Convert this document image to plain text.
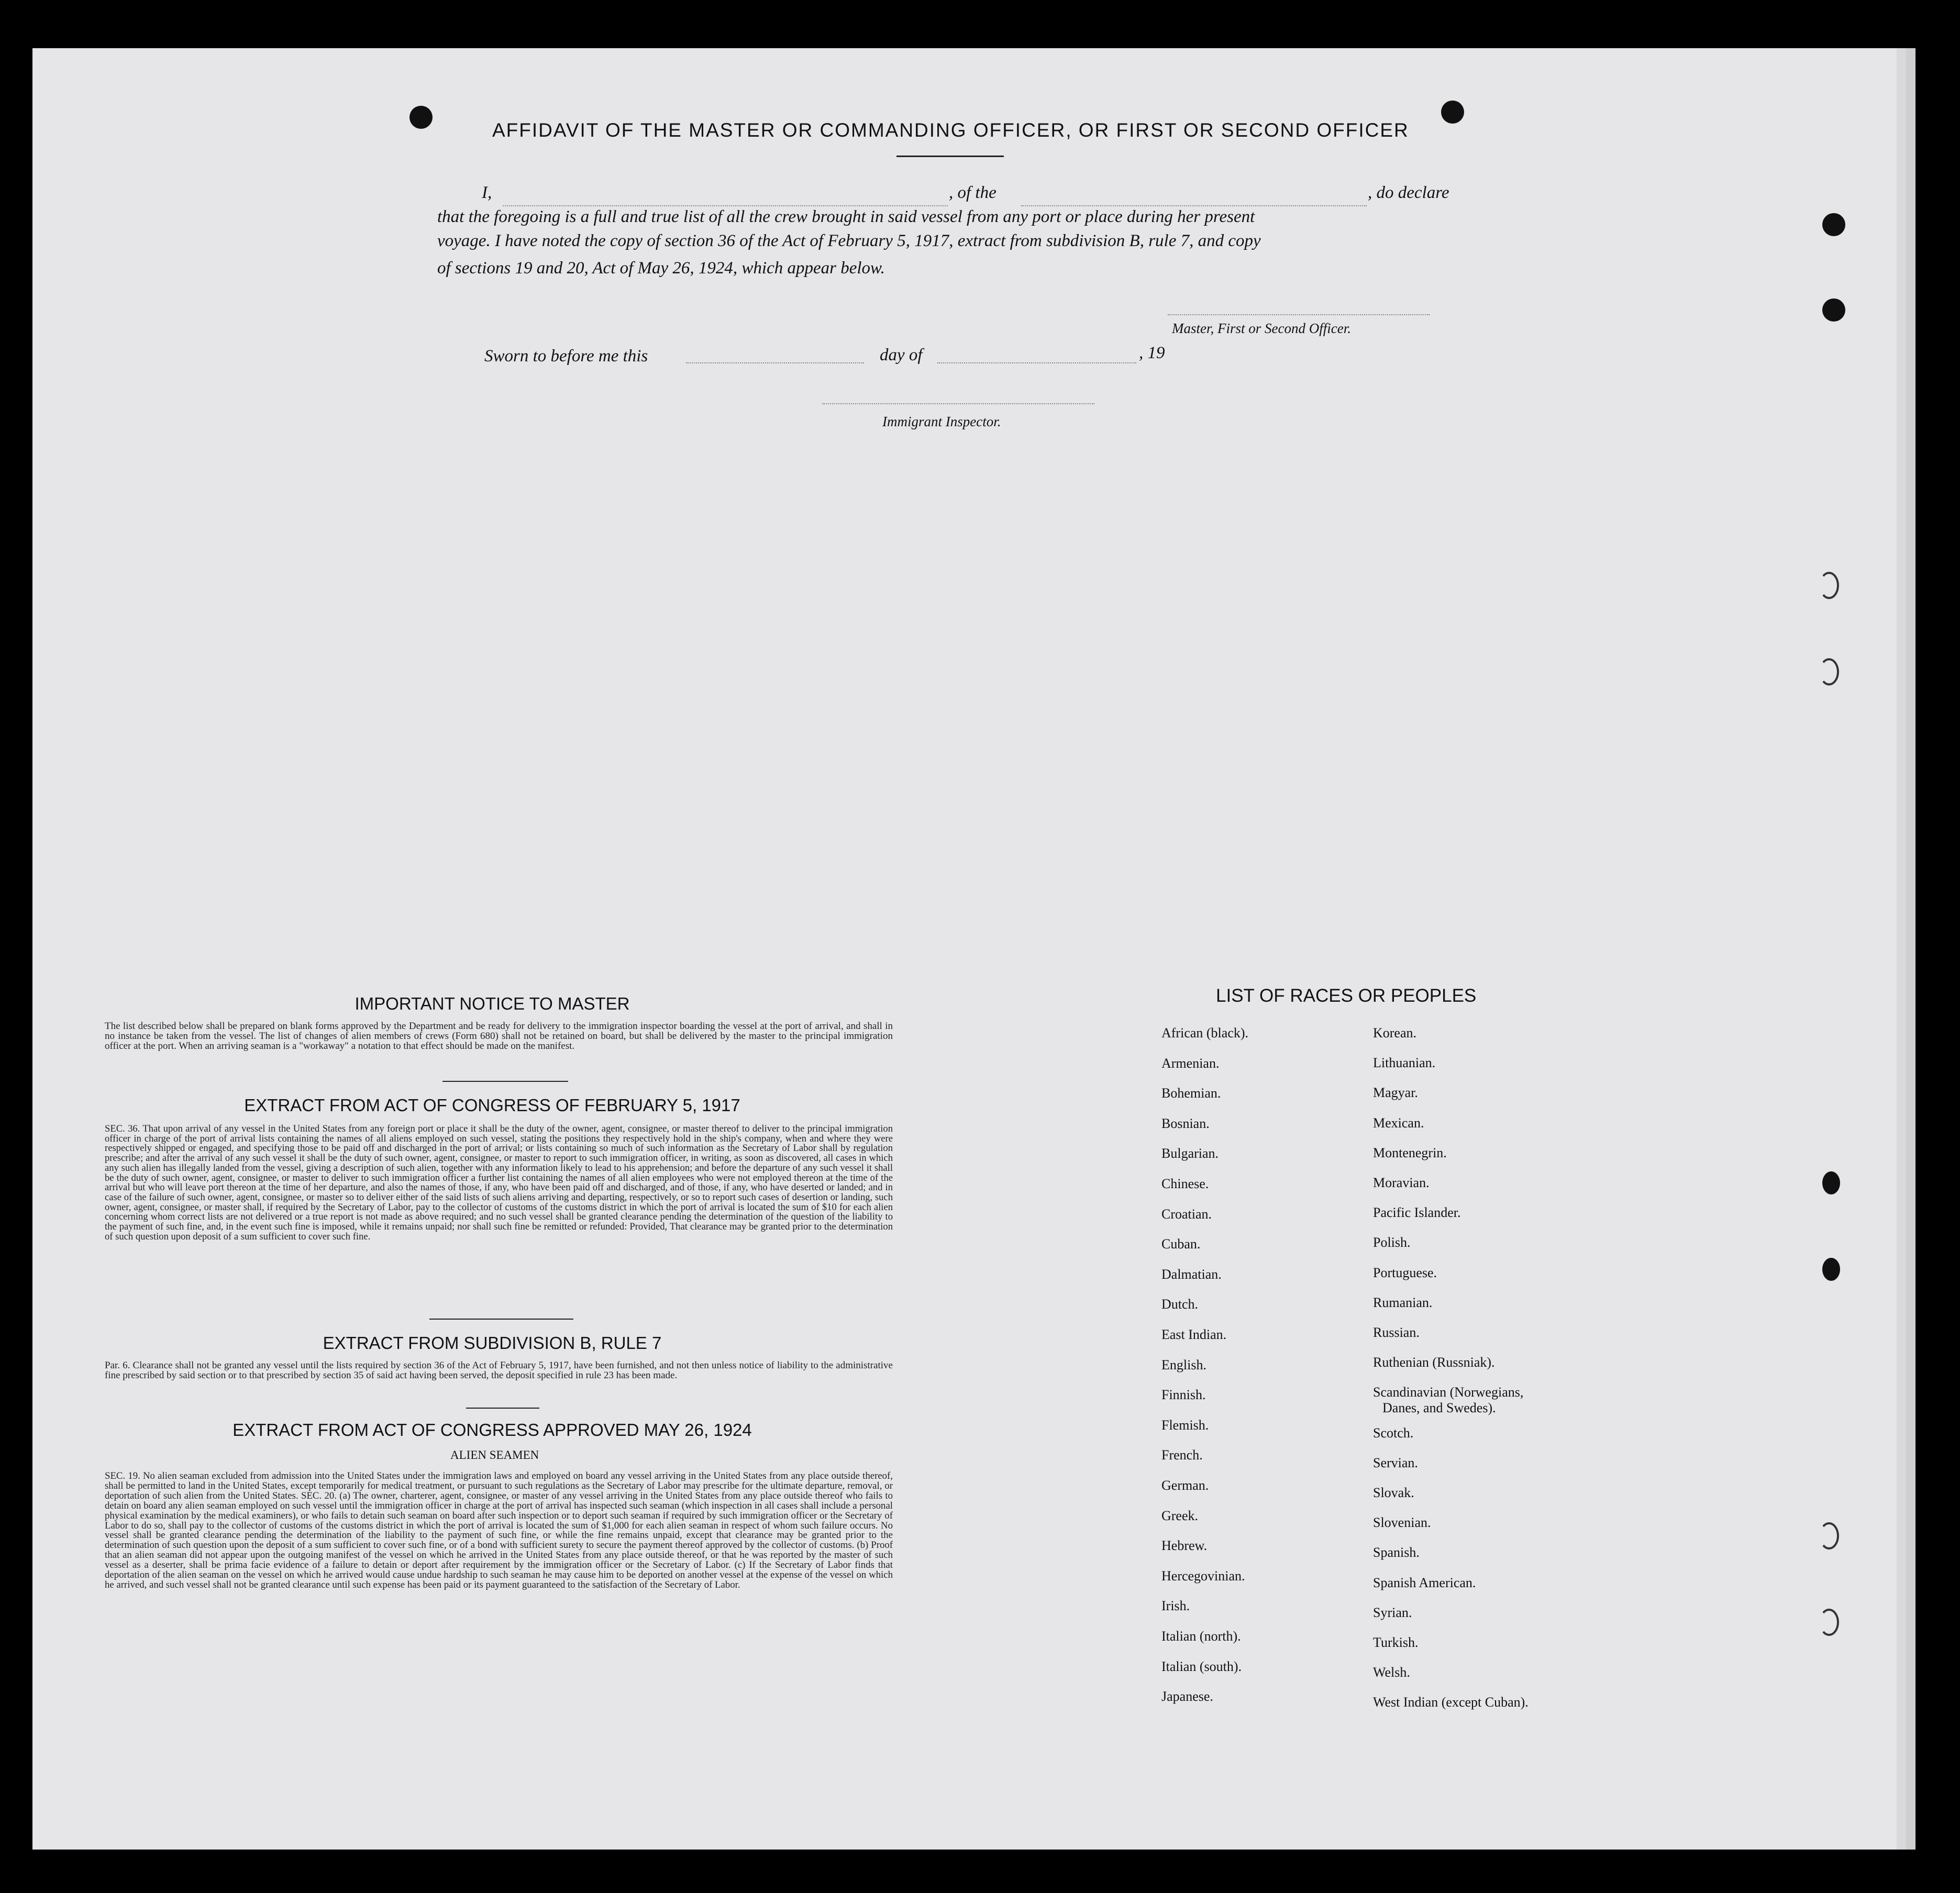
AFFIDAVIT OF THE MASTER OR COMMANDING OFFICER, OR FIRST OR SECOND OFFICER
I,	, of the	, do declare
that the foregoing is a full and true list of all the crew brought in said vessel from any port or place during her present
voyage. I have noted the copy of section 36 of the Act of February 5, 1917, extract from subdivision B, rule 7, and copy
of sections 19 and 20, Act of May 26, 1924, which appear below.
Master, First or Second Officer.
Sworn to before me this	day of	, 19
Immigrant Inspector.
IMPORTANT NOTICE TO MASTER
The list described below shall be prepared on blank forms approved by the Department and be ready for delivery to the immigration inspector boarding the vessel at the port of arrival, and shall in no instance be taken from the vessel. The list of changes of alien members of crews (Form 680) shall not be retained on board, but shall be delivered by the master to the principal immigration officer at the port. When an arriving seaman is a "workaway" a notation to that effect should be made on the manifest.
EXTRACT FROM ACT OF CONGRESS OF FEBRUARY 5, 1917
SEC. 36. That upon arrival of any vessel in the United States from any foreign port or place it shall be the duty of the owner, agent, consignee, or master thereof to deliver to the principal immigration officer in charge of the port of arrival lists containing the names of all aliens employed on such vessel, stating the positions they respectively hold in the ship's company, when and where they were respectively shipped or engaged, and specifying those to be paid off and discharged in the port of arrival; or lists containing so much of such information as the Secretary of Labor shall by regulation prescribe; and after the arrival of any such vessel it shall be the duty of such owner, agent, consignee, or master to report to such immigration officer, in writing, as soon as discovered, all cases in which any such alien has illegally landed from the vessel, giving a description of such alien, together with any information likely to lead to his apprehension; and before the departure of any such vessel it shall be the duty of such owner, agent, consignee, or master to deliver to such immigration officer a further list containing the names of all alien employees who were not employed thereon at the time of the arrival but who will leave port thereon at the time of her departure, and also the names of those, if any, who have been paid off and discharged, and of those, if any, who have deserted or landed; and in case of the failure of such owner, agent, consignee, or master so to deliver either of the said lists of such aliens arriving and departing, respectively, or so to report such cases of desertion or landing, such owner, agent, consignee, or master shall, if required by the Secretary of Labor, pay to the collector of customs of the customs district in which the port of arrival is located the sum of $10 for each alien concerning whom correct lists are not delivered or a true report is not made as above required; and no such vessel shall be granted clearance pending the determination of the question of the liability to the payment of such fine, and, in the event such fine is imposed, while it remains unpaid; nor shall such fine be remitted or refunded: Provided, That clearance may be granted prior to the determination of such question upon deposit of a sum sufficient to cover such fine.
EXTRACT FROM SUBDIVISION B, RULE 7
Par. 6. Clearance shall not be granted any vessel until the lists required by section 36 of the Act of February 5, 1917, have been furnished, and not then unless notice of liability to the administrative fine prescribed by said section or to that prescribed by section 35 of said act having been served, the deposit specified in rule 23 has been made.
EXTRACT FROM ACT OF CONGRESS APPROVED MAY 26, 1924
ALIEN SEAMEN
SEC. 19. No alien seaman excluded from admission into the United States under the immigration laws and employed on board any vessel arriving in the United States from any place outside thereof, shall be permitted to land in the United States, except temporarily for medical treatment, or pursuant to such regulations as the Secretary of Labor may prescribe for the ultimate departure, removal, or deportation of such alien from the United States. SEC. 20. (a) The owner, charterer, agent, consignee, or master of any vessel arriving in the United States from any place outside thereof who fails to detain on board any alien seaman employed on such vessel until the immigration officer in charge at the port of arrival has inspected such seaman (which inspection in all cases shall include a personal physical examination by the medical examiners), or who fails to detain such seaman on board after such inspection or to deport such seaman if required by such immigration officer or the Secretary of Labor to do so, shall pay to the collector of customs of the customs district in which the port of arrival is located the sum of $1,000 for each alien seaman in respect of whom such failure occurs. No vessel shall be granted clearance pending the determination of the liability to the payment of such fine, or while the fine remains unpaid, except that clearance may be granted prior to the determination of such question upon the deposit of a sum sufficient to cover such fine, or of a bond with sufficient surety to secure the payment thereof approved by the collector of customs. (b) Proof that an alien seaman did not appear upon the outgoing manifest of the vessel on which he arrived in the United States from any place outside thereof, or that he was reported by the master of such vessel as a deserter, shall be prima facie evidence of a failure to detain or deport after requirement by the immigration officer or the Secretary of Labor. (c) If the Secretary of Labor finds that deportation of the alien seaman on the vessel on which he arrived would cause undue hardship to such seaman he may cause him to be deported on another vessel at the expense of the vessel on which he arrived, and such vessel shall not be granted clearance until such expense has been paid or its payment guaranteed to the satisfaction of the Secretary of Labor.
LIST OF RACES OR PEOPLES
African (black).
Armenian.
Bohemian.
Bosnian.
Bulgarian.
Chinese.
Croatian.
Cuban.
Dalmatian.
Dutch.
East Indian.
English.
Finnish.
Flemish.
French.
German.
Greek.
Hebrew.
Hercegovinian.
Irish.
Italian (north).
Italian (south).
Japanese.
Korean.
Lithuanian.
Magyar.
Mexican.
Montenegrin.
Moravian.
Pacific Islander.
Polish.
Portuguese.
Rumanian.
Russian.
Ruthenian (Russniak).
Scandinavian (Norwegians,
Danes, and Swedes).
Scotch.
Servian.
Slovak.
Slovenian.
Spanish.
Spanish American.
Syrian.
Turkish.
Welsh.
West Indian (except Cuban).
